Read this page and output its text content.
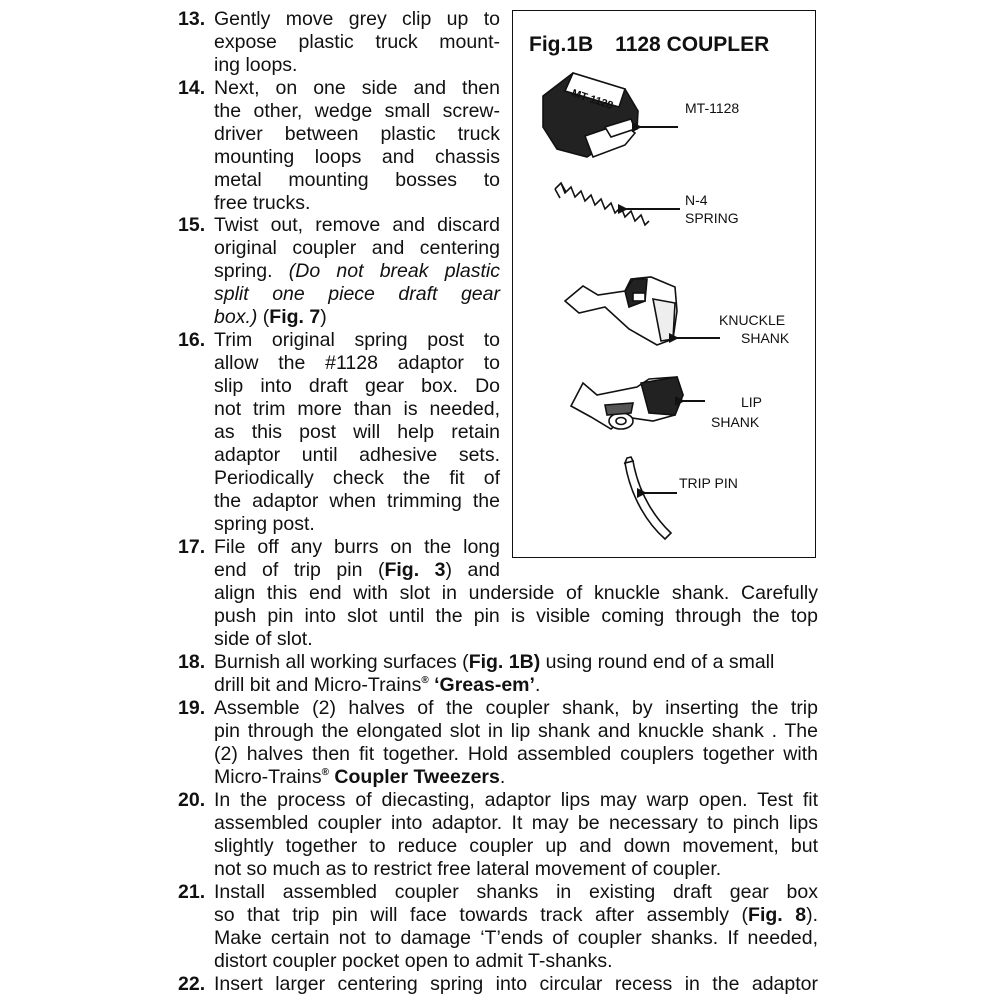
13. Gently move grey clip up to
expose plastic truck mount-
ing loops.
14. Next, on one side and then
the other, wedge small screw-
driver between plastic truck
mounting loops and chassis
metal mounting bosses to
free trucks.
15. Twist out, remove and discard
original coupler and centering
spring. (Do not break plastic
split one piece draft gear
box.) (Fig. 7)
16. Trim original spring post to
allow the #1128 adaptor to
slip into draft gear box. Do
not trim more than is needed,
as this post will help retain
adaptor until adhesive sets.
Periodically check the fit of
the adaptor when trimming the
spring post.
17. File off any burrs on the long
end of trip pin (Fig. 3) and
align this end with slot in underside of knuckle shank. Carefully
push pin into slot until the pin is visible coming through the top
side of slot.
18. Burnish all working surfaces (Fig. 1B) using round end of a small
drill bit and Micro-Trains® ‘Greas-em’.
19. Assemble (2) halves of the coupler shank, by inserting the trip
pin through the elongated slot in lip shank and knuckle shank . The
(2) halves then fit together. Hold assembled couplers together with
Micro-Trains® Coupler Tweezers.
20. In the process of diecasting, adaptor lips may warp open. Test fit
assembled coupler into adaptor. It may be necessary to pinch lips
slightly together to reduce coupler up and down movement, but
not so much as to restrict free lateral movement of coupler.
21. Install assembled coupler shanks in existing draft gear box
so that trip pin will face towards track after assembly (Fig. 8).
Make certain not to damage ‘T’ends of coupler shanks. If needed,
distort coupler pocket open to admit T-shanks.
22. Insert larger centering spring into circular recess in the adaptor
Fig.1B 1128 COUPLER
MT 1128	MT-1128
N-4
SPRING
KNUCKLE
SHANK
LIP
SHANK
TRIP PIN
